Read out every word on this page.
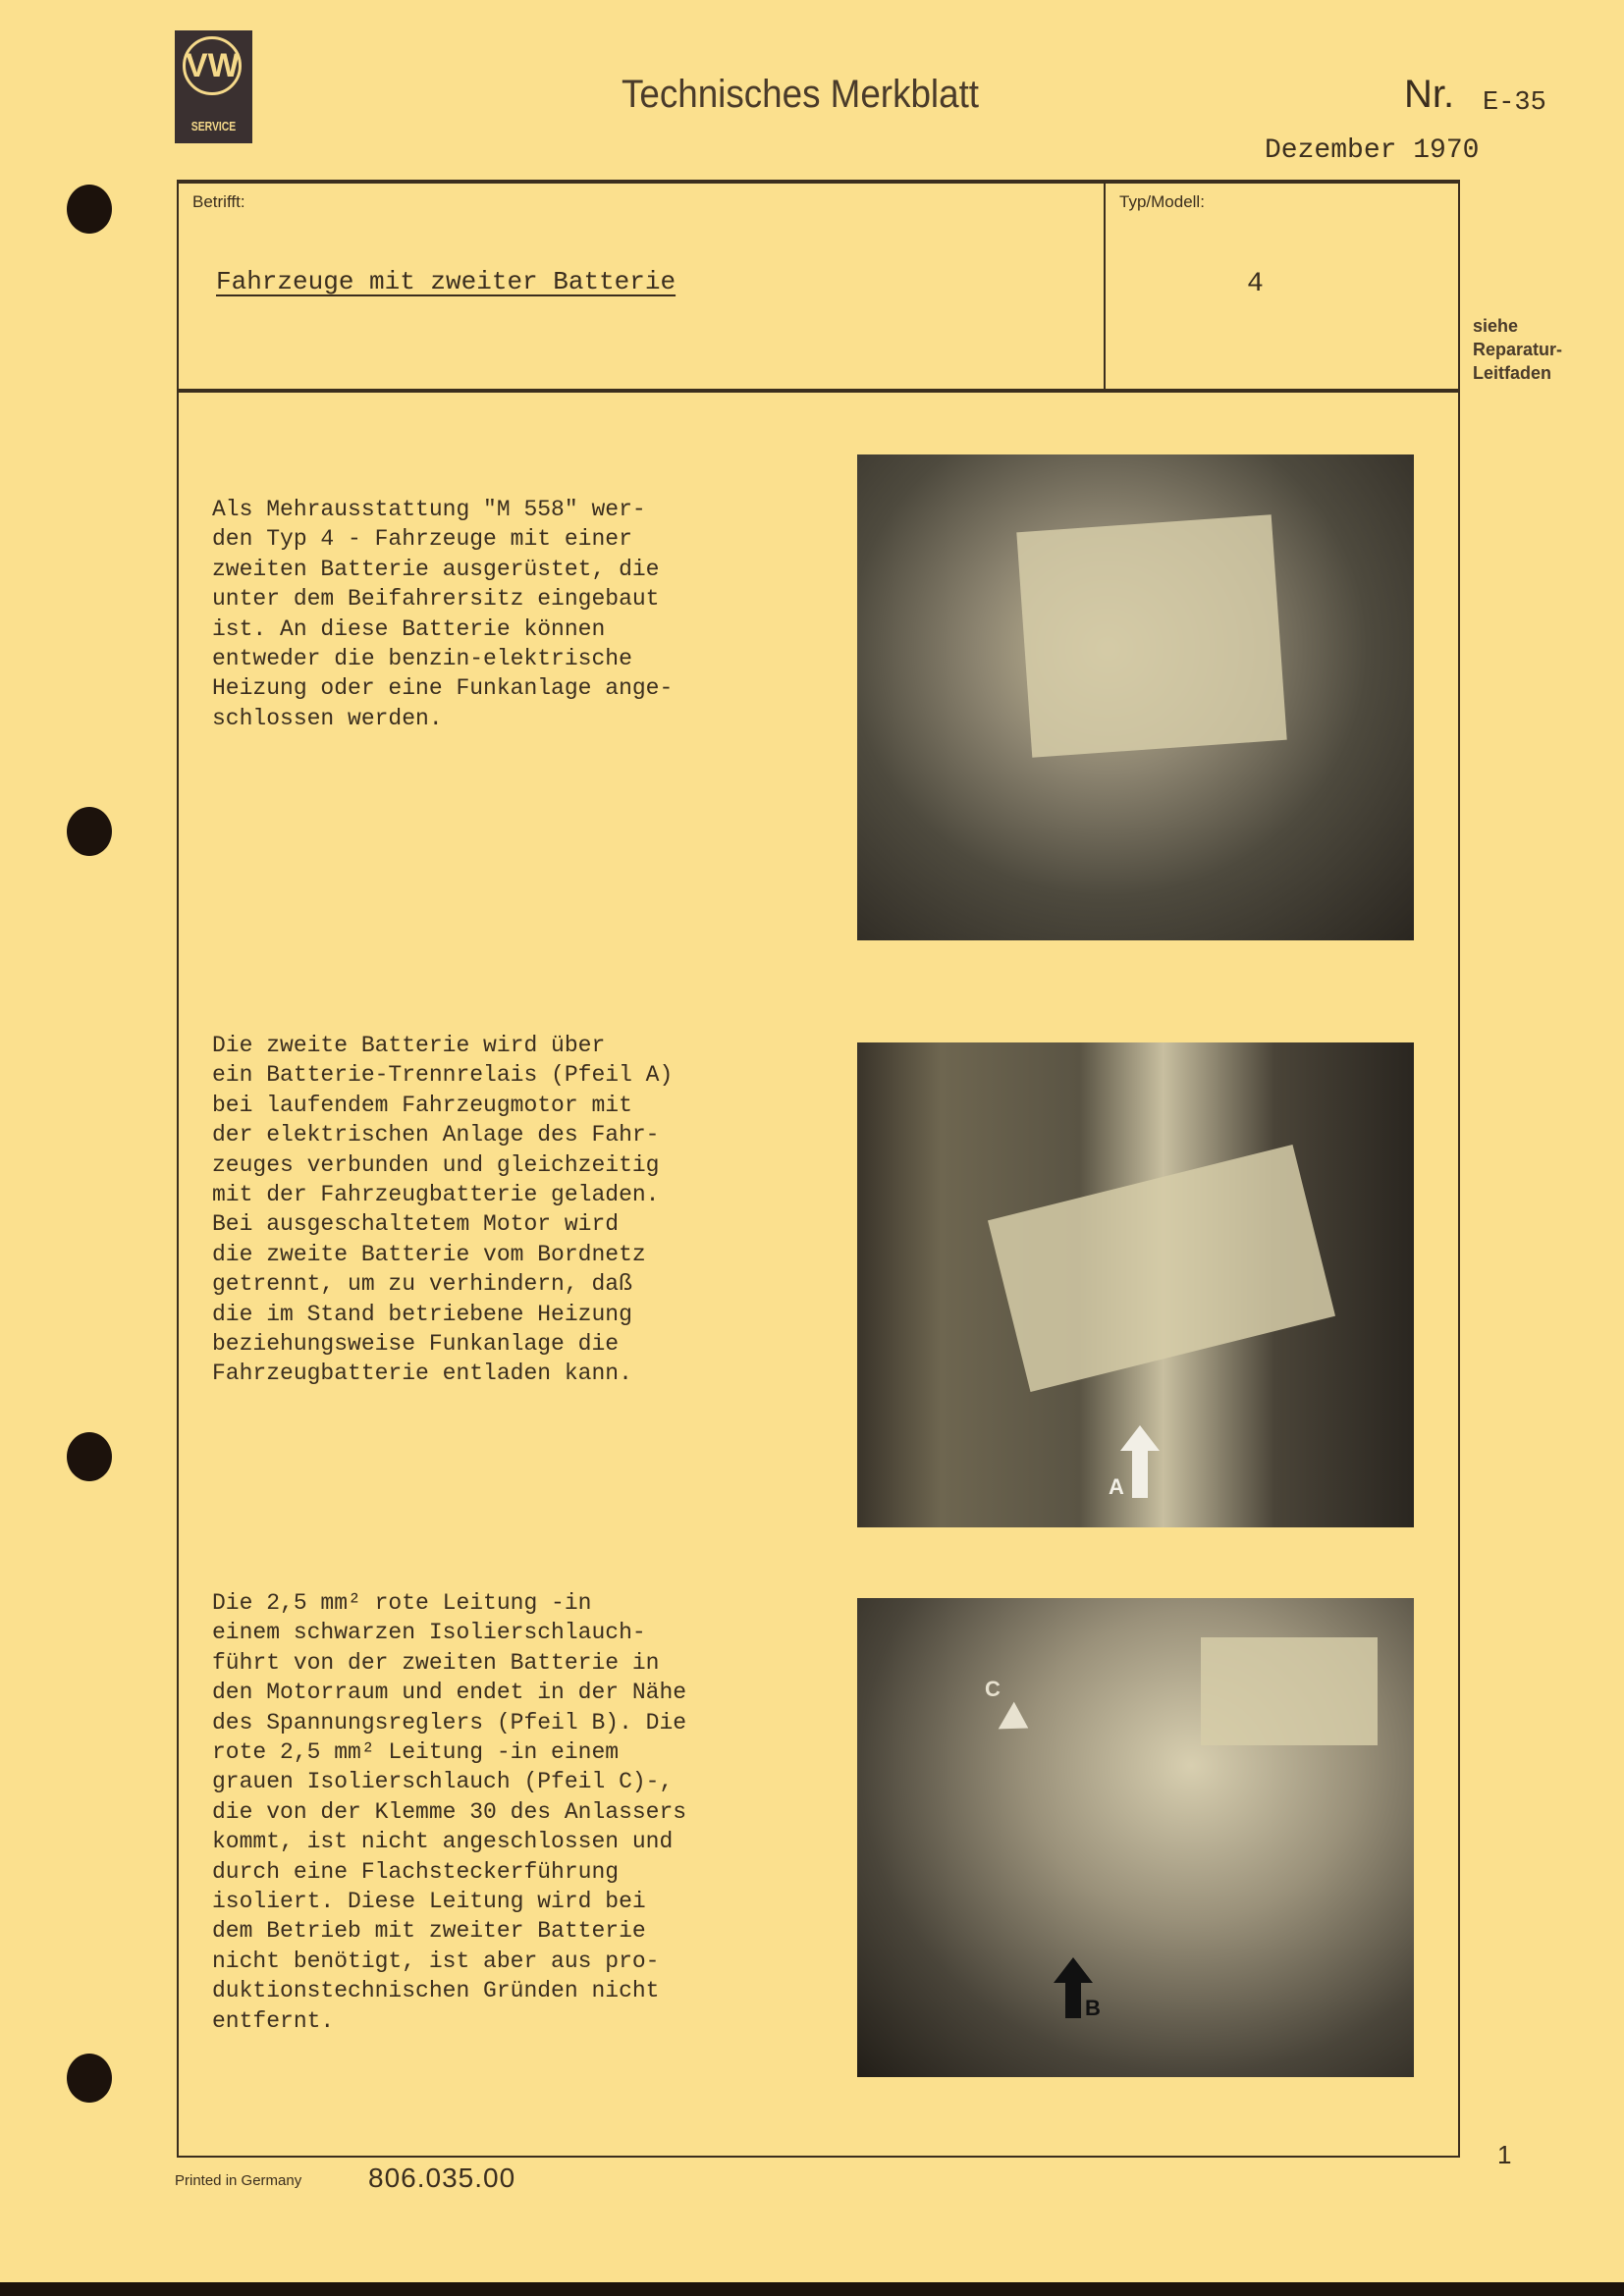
VW
SERVICE
Technisches Merkblatt	Nr. E-35
Dezember 1970
Betrifft:	Typ/Modell:
Fahrzeuge mit zweiter Batterie	4
siehe
Reparatur-
Leitfaden
Als Mehrausstattung "M 558" wer-
den Typ 4 - Fahrzeuge mit einer
zweiten Batterie ausgerüstet, die
unter dem Beifahrersitz eingebaut
ist. An diese Batterie können
entweder die benzin-elektrische
Heizung oder eine Funkanlage ange-
schlossen werden.
Die zweite Batterie wird über
ein Batterie-Trennrelais (Pfeil A)
bei laufendem Fahrzeugmotor mit
der elektrischen Anlage des Fahr-
zeuges verbunden und gleichzeitig
mit der Fahrzeugbatterie geladen.
Bei ausgeschaltetem Motor wird
die zweite Batterie vom Bordnetz
getrennt, um zu verhindern, daß
die im Stand betriebene Heizung
beziehungsweise Funkanlage die
Fahrzeugbatterie entladen kann.
Die 2,5 mm² rote Leitung -in
einem schwarzen Isolierschlauch-
führt von der zweiten Batterie in
den Motorraum und endet in der Nähe
des Spannungsreglers (Pfeil B). Die
rote 2,5 mm² Leitung -in einem
grauen Isolierschlauch (Pfeil C)-,
die von der Klemme 30 des Anlassers
kommt, ist nicht angeschlossen und
durch eine Flachsteckerführung
isoliert. Diese Leitung wird bei
dem Betrieb mit zweiter Batterie
nicht benötigt, ist aber aus pro-
duktionstechnischen Gründen nicht
entfernt.
A
B
C
1
Printed in Germany 806.035.00
